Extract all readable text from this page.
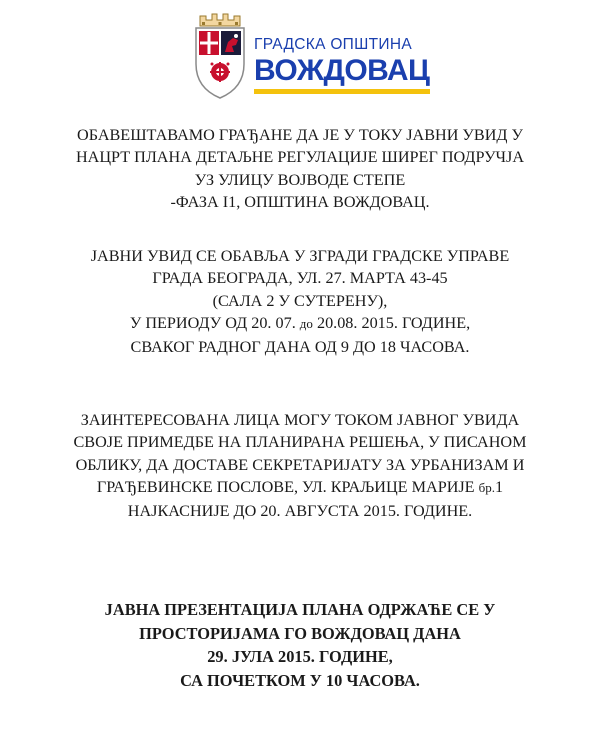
ГРАДСКА ОПШТИНА
ВОЖДОВАЦ
ОБАВЕШТАВАМО ГРАЂАНЕ ДА ЈЕ У ТОКУ ЈАВНИ УВИД У
НАЦРТ ПЛАНА ДЕТАЉНЕ РЕГУЛАЦИЈЕ ШИРЕГ ПОДРУЧЈА
УЗ УЛИЦУ ВОЈВОДЕ СТЕПЕ
-ФАЗА І1, ОПШТИНА ВОЖДОВАЦ.
ЈАВНИ УВИД СЕ ОБАВЉА У ЗГРАДИ ГРАДСКЕ УПРАВЕ
ГРАДА БЕОГРАДА, УЛ. 27. МАРТА 43-45
(САЛА 2 У СУТЕРЕНУ),
У ПЕРИОДУ ОД 20. 07. до 20.08. 2015. ГОДИНЕ,
СВАКОГ РАДНОГ ДАНА ОД 9 ДО 18 ЧАСОВА.
ЗАИНТЕРЕСОВАНА ЛИЦА МОГУ ТОКОМ ЈАВНОГ УВИДА
СВОЈЕ ПРИМЕДБЕ НА ПЛАНИРАНА РЕШЕЊА, У ПИСАНОМ
ОБЛИКУ, ДА ДОСТАВЕ СЕКРЕТАРИЈАТУ ЗА УРБАНИЗАМ И
ГРАЂЕВИНСКЕ ПОСЛОВЕ, УЛ. КРАЉИЦЕ МАРИЈЕ бр.1
НАЈКАСНИЈЕ ДО 20. АВГУСТА 2015. ГОДИНЕ.
ЈАВНА ПРЕЗЕНТАЦИЈА ПЛАНА ОДРЖАЋЕ СЕ У
ПРОСТОРИЈАМА ГО ВОЖДОВАЦ ДАНА
29. ЈУЛА 2015. ГОДИНЕ,
СА ПОЧЕТКОМ У 10 ЧАСОВА.
